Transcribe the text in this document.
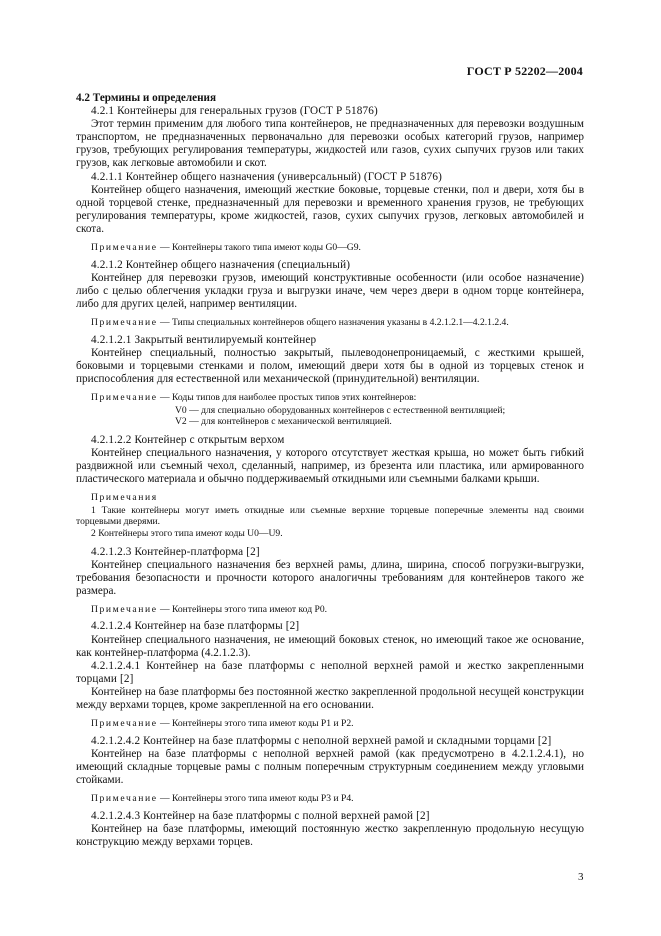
ГОСТ Р 52202—2004

4.2 Термины и определения

4.2.1 Контейнеры для генеральных грузов (ГОСТ Р 51876)

Этот термин применим для любого типа контейнеров, не предназначенных для перевозки воздушным транспортом, не предназначенных первоначально для перевозки особых категорий грузов, например грузов, требующих регулирования температуры, жидкостей или газов, сухих сыпучих грузов или таких грузов, как легковые автомобили и скот.

4.2.1.1 Контейнер общего назначения (универсальный) (ГОСТ Р 51876)

Контейнер общего назначения, имеющий жесткие боковые, торцевые стенки, пол и двери, хотя бы в одной торцевой стенке, предназначенный для перевозки и временного хранения грузов, не требующих регулирования температуры, кроме жидкостей, газов, сухих сыпучих грузов, легковых автомобилей и скота.

Примечание — Контейнеры такого типа имеют коды G0—G9.

4.2.1.2 Контейнер общего назначения (специальный)

Контейнер для перевозки грузов, имеющий конструктивные особенности (или особое назначение) либо с целью облегчения укладки груза и выгрузки иначе, чем через двери в одном торце контейнера, либо для других целей, например вентиляции.

Примечание — Типы специальных контейнеров общего назначения указаны в 4.2.1.2.1—4.2.1.2.4.

4.2.1.2.1 Закрытый вентилируемый контейнер

Контейнер специальный, полностью закрытый, пылеводонепроницаемый, с жесткими крышей, боковыми и торцевыми стенками и полом, имеющий двери хотя бы в одной из торцевых стенок и приспособления для естественной или механической (принудительной) вентиляции.

Примечание — Коды типов для наиболее простых типов этих контейнеров:

V0 — для специально оборудованных контейнеров с естественной вентиляцией;

V2 — для контейнеров с механической вентиляцией.

4.2.1.2.2 Контейнер с открытым верхом

Контейнер специального назначения, у которого отсутствует жесткая крыша, но может быть гибкий раздвижной или съемный чехол, сделанный, например, из брезента или пластика, или армированного пластического материала и обычно поддерживаемый откидными или съемными балками крыши.

Примечания

1 Такие контейнеры могут иметь откидные или съемные верхние торцевые поперечные элементы над своими торцевыми дверями.

2 Контейнеры этого типа имеют коды U0—U9.

4.2.1.2.3 Контейнер-платформа [2]

Контейнер специального назначения без верхней рамы, длина, ширина, способ погрузки-выгрузки, требования безопасности и прочности которого аналогичны требованиям для контейнеров такого же размера.

Примечание — Контейнеры этого типа имеют код P0.

4.2.1.2.4 Контейнер на базе платформы [2]

Контейнер специального назначения, не имеющий боковых стенок, но имеющий такое же основание, как контейнер-платформа (4.2.1.2.3).

4.2.1.2.4.1 Контейнер на базе платформы с неполной верхней рамой и жестко закрепленными торцами [2]

Контейнер на базе платформы без постоянной жестко закрепленной продольной несущей конструкции между верхами торцев, кроме закрепленной на его основании.

Примечание — Контейнеры этого типа имеют коды P1 и P2.

4.2.1.2.4.2 Контейнер на базе платформы с неполной верхней рамой и складными торцами [2]

Контейнер на базе платформы с неполной верхней рамой (как предусмотрено в 4.2.1.2.4.1), но имеющий складные торцевые рамы с полным поперечным структурным соединением между угловыми стойками.

Примечание — Контейнеры этого типа имеют коды P3 и P4.

4.2.1.2.4.3 Контейнер на базе платформы с полной верхней рамой [2]

Контейнер на базе платформы, имеющий постоянную жестко закрепленную продольную несущую конструкцию между верхами торцев.

3
